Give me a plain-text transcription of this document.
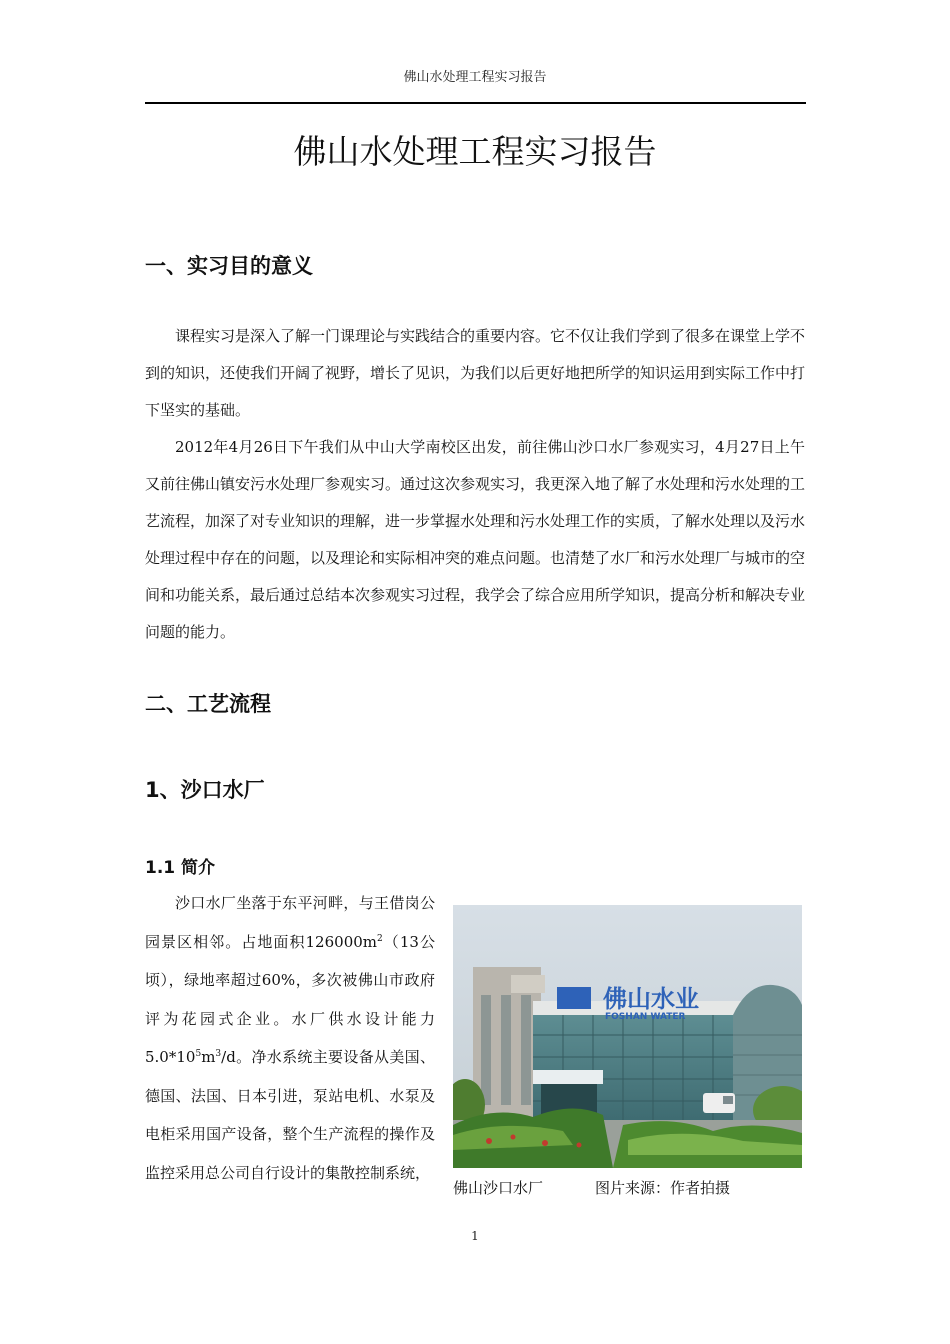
佛山水处理工程实习报告
佛山水处理工程实习报告
一、实习目的意义

课程实习是深入了解一门课理论与实践结合的重要内容。它不仅让我们学到了很多在课堂上学不到的知识，还使我们开阔了视野，增长了见识，为我们以后更好地把所学的知识运用到实际工作中打下坚实的基础。

2012年4月26日下午我们从中山大学南校区出发，前往佛山沙口水厂参观实习，4月27日上午又前往佛山镇安污水处理厂参观实习。通过这次参观实习，我更深入地了解了水处理和污水处理的工艺流程，加深了对专业知识的理解，进一步掌握水处理和污水处理工作的实质，了解水处理以及污水处理过程中存在的问题，以及理论和实际相冲突的难点问题。也清楚了水厂和污水处理厂与城市的空间和功能关系，最后通过总结本次参观实习过程，我学会了综合应用所学知识，提高分析和解决专业问题的能力。

二、工艺流程
1、沙口水厂
1.1 简介

沙口水厂坐落于东平河畔，与王借岗公园景区相邻。占地面积$126000m^2(13$公顷），绿地率超过60%，多次被佛山市政府评为花园式企业。水厂供水设计能力$5.0*10^5m^3/d$。净水系统主要设备从美国、德国、法国、日本引进，泵站电机、水泵及电柜采用国产设备，整个生产流程的操作及监控采用总公司自行设计的集散控制系统，

佛山水业
FOSHAN WATER
佛山沙口水厂	图片来源：作者拍摄
1
